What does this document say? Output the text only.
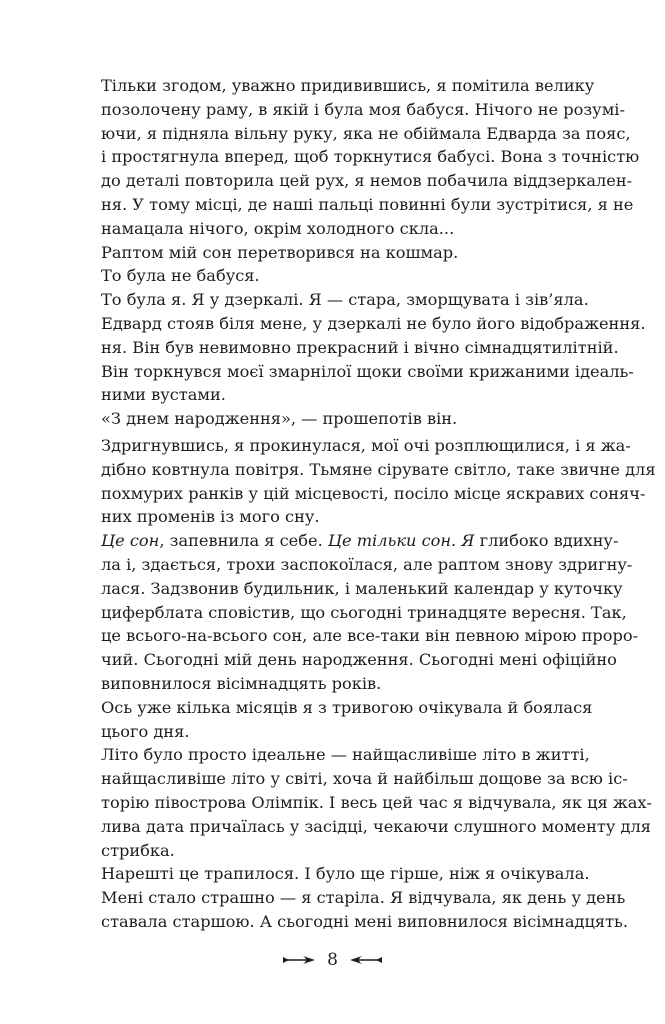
Тільки згодом, уважно придивившись, я помітила велику
позолочену раму, в якій і була моя бабуся. Нічого не розумі-
ючи, я підняла вільну руку, яка не обіймала Едварда за пояс,
і простягнула вперед, щоб торкнутися бабусі. Вона з точністю
до деталі повторила цей рух, я немов побачила віддзеркален-
ня. У тому місці, де наші пальці повинні були зустрітися, я не
намацала нічого, окрім холодного скла...
Раптом мій сон перетворився на кошмар.
То була не бабуся.
То була я. Я у дзеркалі. Я — стара, зморщувата і зів’яла.
Едвард стояв біля мене, у дзеркалі не було його відображення.
ня. Він був невимовно прекрасний і вічно сімнадцятилітній.
Він торкнувся моєї змарнілої щоки своїми крижаними ідеаль-
ними вустами.
«З днем народження», — прошепотів він.
Здригнувшись, я прокинулася, мої очі розплющилися, і я жа-
дібно ковтнула повітря. Тьмяне сірувате світло, таке звичне для
похмурих ранків у цій місцевості, посіло місце яскравих соняч-
них променів із мого сну.
Це сон, запевнила я себе. Це тільки сон. Я глибоко вдихну-
ла і, здається, трохи заспокоїлася, але раптом знову здригну-
лася. Задзвонив будильник, і маленький календар у куточку
циферблата сповістив, що сьогодні тринадцяте вересня. Так,
це всього-на-всього сон, але все-таки він певною мірою проро-
чий. Сьогодні мій день народження. Сьогодні мені офіційно
виповнилося вісімнадцять років.
Ось уже кілька місяців я з тривогою очікувала й боялася
цього дня.
Літо було просто ідеальне — найщасливіше літо в житті,
найщасливіше літо у світі, хоча й найбільш дощове за всю іс-
торію півострова Олімпік. І весь цей час я відчувала, як ця жах-
лива дата причаїлась у засідці, чекаючи слушного моменту для
стрибка.
Нарешті це трапилося. І було ще гірше, ніж я очікувала.
Мені стало страшно — я старіла. Я відчувала, як день у день
ставала старшою. А сьогодні мені виповнилося вісімнадцять.
8
